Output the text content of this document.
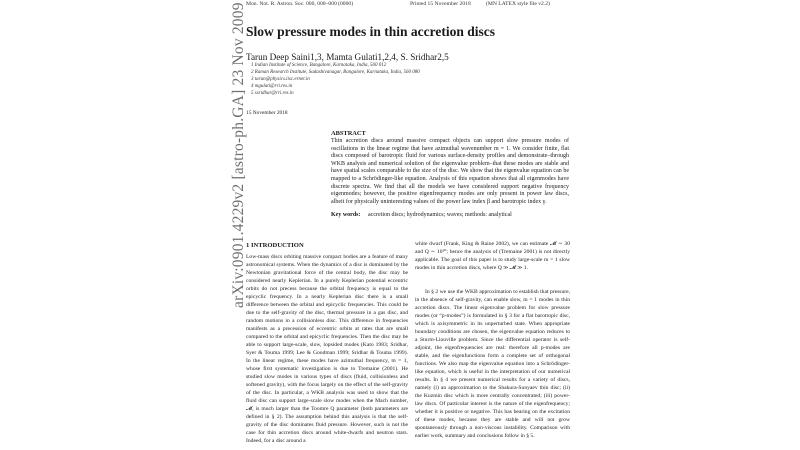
Mon. Not. R. Astron. Soc. 000, 000–000 (0000)	Printed 15 November 2018	(MN LATEX style file v2.2)
arXiv:0901.4229v2 [astro-ph.GA] 23 Nov 2009 Slow pressure modes in thin accretion discs
Tarun Deep Saini1,3, Mamta Gulati1,2,4, S. Sridhar2,5
1 Indian Institute of Science, Bangalore, Karnataka, India, 560 012
2 Raman Research Institute, Sadashivanagar, Bangalore, Karnataka, India, 560 080
3 tarun@physics.iisc.ernet.in
4 mgulati@rri.res.in
5 ssridhar@rri.res.in
15 November 2018
ABSTRACT
Thin accretion discs around massive compact objects can support slow pressure modes of oscillations in the linear regime that have azimuthal wavenumber m = 1. We consider finite, flat discs composed of barotropic fluid for various surface-density profiles and demonstrate–through WKB analysis and numerical solution of the eigenvalue problem–that these modes are stable and have spatial scales comparable to the size of the disc. We show that the eigenvalue equation can be mapped to a Schrödinger-like equation. Analysis of this equation shows that all eigenmodes have discrete spectra. We find that all the models we have considered support negative frequency eigenmodes; however, the positive eigenfrequency modes are only present in power law discs, albeit for physically uninteresting values of the power law index β and barotropic index γ.
Key words: accretion discs; hydrodynamics; waves; methods: analytical
1 INTRODUCTION

Low-mass discs orbiting massive compact bodies are a feature of many astronomical systems. When the dynamics of a disc is dominated by the Newtonian gravitational force of the central body, the disc may be considered nearly Keplerian. In a purely Keplerian potential eccentric orbits do not precess because the orbital frequency is equal to the epicyclic frequency. In a nearly Keplerian disc there is a small difference between the orbital and epicyclic frequencies. This could be due to the self-gravity of the disc, thermal pressure in a gas disc, and random motions in a collisionless disc. This difference in frequencies manifests as a precession of eccentric orbits at rates that are small compared to the orbital and epicyclic frequencies. Then the disc may be able to support large-scale, slow, lopsided modes (Kato 1983; Sridhar, Syer & Touma 1999; Lee & Goodman 1999; Sridhar & Touma 1999). In the linear regime, these modes have azimuthal frequency, m = 1, whose first systematic investigation is due to Tremaine (2001). He studied slow modes in various types of discs (fluid, collisionless and softened gravity), with the focus largely on the effect of the self-gravity of the disc. In particular, a WKB analysis was used to show that the fluid disc can support large-scale slow modes when the Mach number, 𝓜, is much larger than the Toomre Q parameter (both parameters are defined in § 2). The assumption behind this analysis is that the self-gravity of the disc dominates fluid pressure. However, such is not the case for thin accretion discs around white-dwarfs and neutron stars. Indeed, for a disc around a

white dwarf (Frank, King & Raine 2002), we can estimate 𝓜 ∼ 30 and Q ∼ 10¹⁰; hence the analysis of (Tremaine 2001) is not directly applicable. The goal of this paper is to study large-scale m = 1 slow modes in thin accretion discs, where Q ≫ 𝓜 ≫ 1.

In § 2 we use the WKB approximation to establish that pressure, in the absence of self-gravity, can enable slow, m = 1 modes in thin accretion discs. The linear eigenvalue problem for slow pressure modes (or “p-modes”) is formulated in § 3 for a flat barotropic disc, which is axisymmetric in its unperturbed state. When appropriate boundary conditions are chosen, the eigenvalue equation reduces to a Sturm-Liouville problem. Since the differential operator is self-adjoint, the eigenfrequencies are real: therefore all p-modes are stable, and the eigenfunctions form a complete set of orthogonal functions. We also map the eigenvalue equation into a Schrödinger-like equation, which is useful in the interpretation of our numerical results. In § 4 we present numerical results for a variety of discs, namely (i) an approximation to the Shakura-Sunyaev thin disc; (ii) the Kuzmin disc which is more centrally concentrated; (iii) power-law discs. Of particular interest is the nature of the eigenfrequency; whether it is positive or negative. This has bearing on the excitation of these modes, because they are stable and will not grow spontaneously through a non-viscous instability. Comparison with earlier work, summary and conclusions follow in § 5.
